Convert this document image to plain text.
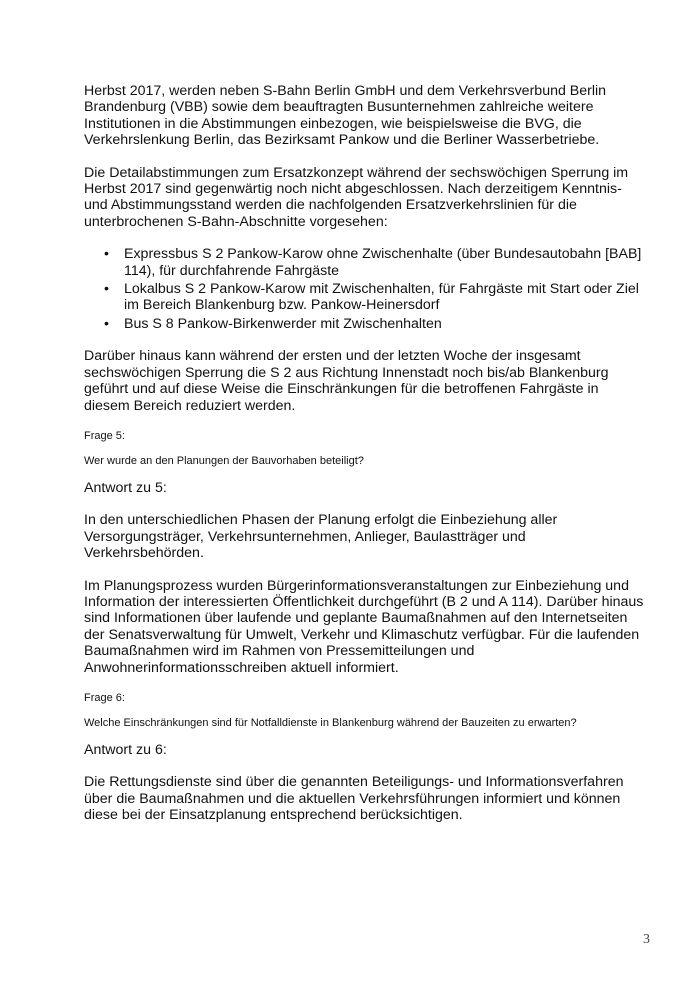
Herbst 2017, werden neben S-Bahn Berlin GmbH und dem Verkehrsverbund Berlin Brandenburg (VBB) sowie dem beauftragten Busunternehmen zahlreiche weitere Institutionen in die Abstimmungen einbezogen, wie beispielsweise die BVG, die Verkehrslenkung Berlin, das Bezirksamt Pankow und die Berliner Wasserbetriebe.

Die Detailabstimmungen zum Ersatzkonzept während der sechswöchigen Sperrung im Herbst 2017 sind gegenwärtig noch nicht abgeschlossen. Nach derzeitigem Kenntnis- und Abstimmungsstand werden die nachfolgenden Ersatzverkehrslinien für die unterbrochenen S-Bahn-Abschnitte vorgesehen:

• Expressbus S 2 Pankow-Karow ohne Zwischenhalte (über Bundesautobahn [BAB] 114), für durchfahrende Fahrgäste
• Lokalbus S 2 Pankow-Karow mit Zwischenhalten, für Fahrgäste mit Start oder Ziel im Bereich Blankenburg bzw. Pankow-Heinersdorf
• Bus S 8 Pankow-Birkenwerder mit Zwischenhalten

Darüber hinaus kann während der ersten und der letzten Woche der insgesamt sechswöchigen Sperrung die S 2 aus Richtung Innenstadt noch bis/ab Blankenburg geführt und auf diese Weise die Einschränkungen für die betroffenen Fahrgäste in diesem Bereich reduziert werden.

Frage 5:

Wer wurde an den Planungen der Bauvorhaben beteiligt?

Antwort zu 5:

In den unterschiedlichen Phasen der Planung erfolgt die Einbeziehung aller Versorgungsträger, Verkehrsunternehmen, Anlieger, Baulastträger und Verkehrsbehörden.

Im Planungsprozess wurden Bürgerinformationsveranstaltungen zur Einbeziehung und Information der interessierten Öffentlichkeit durchgeführt (B 2 und A 114). Darüber hinaus sind Informationen über laufende und geplante Baumaßnahmen auf den Internetseiten der Senatsverwaltung für Umwelt, Verkehr und Klimaschutz verfügbar. Für die laufenden Baumaßnahmen wird im Rahmen von Pressemitteilungen und Anwohnerinformationsschreiben aktuell informiert.

Frage 6:

Welche Einschränkungen sind für Notfalldienste in Blankenburg während der Bauzeiten zu erwarten?

Antwort zu 6:

Die Rettungsdienste sind über die genannten Beteiligungs- und Informationsverfahren über die Baumaßnahmen und die aktuellen Verkehrsführungen informiert und können diese bei der Einsatzplanung entsprechend berücksichtigen.

3
